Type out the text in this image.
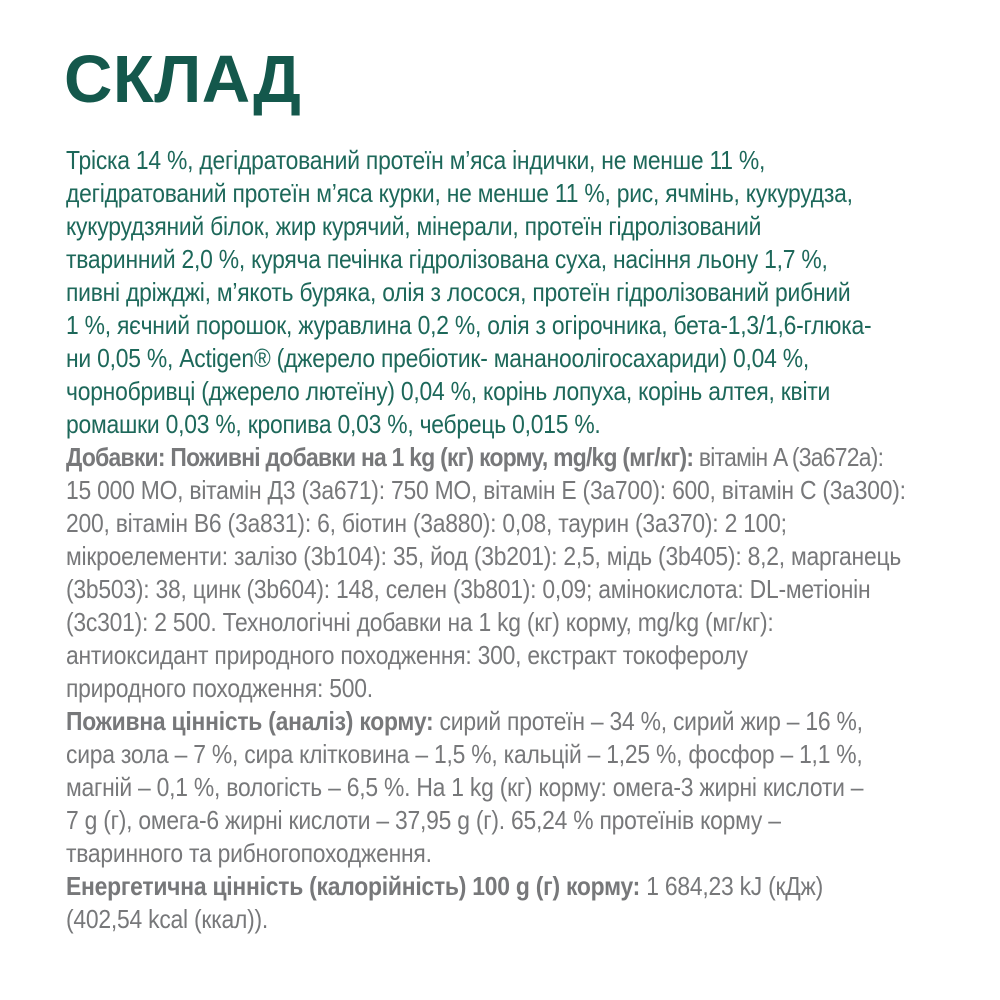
СКЛАД
Тріска 14 %, дегідратований протеїн м’яса індички, не менше 11 %,
дегідратований протеїн м’яса курки, не менше 11 %, рис, ячмінь, кукурудза,
кукурудзяний білок, жир курячий, мінерали, протеїн гідролізований
тваринний 2,0 %, куряча печінка гідролізована суха, насіння льону 1,7 %,
пивні дріжджі, м’якоть буряка, олія з лосося, протеїн гідролізований рибний
1 %, яєчний порошок, журавлина 0,2 %, олія з огірочника, бета-1,3/1,6-глюка-
ни 0,05 %, Actigen® (джерело пребіотик- мананоолігосахариди) 0,04 %,
чорнобривці (джерело лютеїну) 0,04 %, корінь лопуха, корінь алтея, квіти
ромашки 0,03 %, кропива 0,03 %, чебрець 0,015 %.
Добавки: Поживні добавки на 1 kg (кг) корму, mg/kg (мг/кг): вітамін A (3a672a):
15 000 МО, вітамін Д3 (3a671): 750 МО, вітамін E (3a700): 600, вітамін C (3a300):
200, вітамін B6 (3a831): 6, біотин (3a880): 0,08, таурин (3a370): 2 100;
мікроелементи: залізо (3b104): 35, йод (3b201): 2,5, мідь (3b405): 8,2, марганець
(3b503): 38, цинк (3b604): 148, селен (3b801): 0,09; амінокислота: DL-метіонін
(3c301): 2 500. Технологічні добавки на 1 kg (кг) корму, mg/kg (мг/кг):
антиоксидант природного походження: 300, екстракт токоферолу
природного походження: 500.
Поживна цінність (аналіз) корму: сирий протеїн – 34 %, сирий жир – 16 %,
сира зола – 7 %, сира клітковина – 1,5 %, кальцій – 1,25 %, фосфор – 1,1 %,
магній – 0,1 %, вологість – 6,5 %. На 1 kg (кг) корму: омега-3 жирні кислоти –
7 g (г), омега-6 жирні кислоти – 37,95 g (г). 65,24 % протеїнів корму –
тваринного та рибногопоходження.
Енергетична цінність (калорійність) 100 g (г) корму: 1 684,23 kJ (кДж)
(402,54 kcal (ккал)).
